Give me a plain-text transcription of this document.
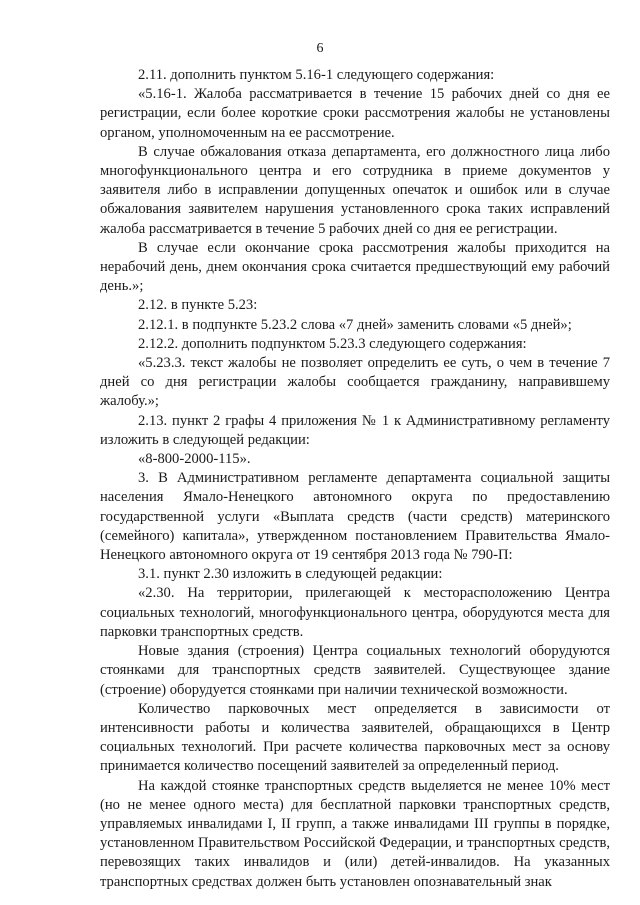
6

2.11. дополнить пунктом 5.16-1 следующего содержания:

«5.16-1. Жалоба рассматривается в течение 15 рабочих дней со дня ее регистрации, если более короткие сроки рассмотрения жалобы не установлены органом, уполномоченным на ее рассмотрение.

В случае обжалования отказа департамента, его должностного лица либо многофункционального центра и его сотрудника в приеме документов у заявителя либо в исправлении допущенных опечаток и ошибок или в случае обжалования заявителем нарушения установленного срока таких исправлений жалоба рассматривается в течение 5 рабочих дней со дня ее регистрации.

В случае если окончание срока рассмотрения жалобы приходится на нерабочий день, днем окончания срока считается предшествующий ему рабочий день.»;

2.12. в пункте 5.23:

2.12.1. в подпункте 5.23.2 слова «7 дней» заменить словами «5 дней»;

2.12.2. дополнить подпунктом 5.23.3 следующего содержания:

«5.23.3. текст жалобы не позволяет определить ее суть, о чем в течение 7 дней со дня регистрации жалобы сообщается гражданину, направившему жалобу.»;

2.13. пункт 2 графы 4 приложения № 1 к Административному регламенту изложить в следующей редакции:

«8-800-2000-115».

3. В Административном регламенте департамента социальной защиты населения Ямало-Ненецкого автономного округа по предоставлению государственной услуги «Выплата средств (части средств) материнского (семейного) капитала», утвержденном постановлением Правительства Ямало-Ненецкого автономного округа от 19 сентября 2013 года № 790-П:

3.1. пункт 2.30 изложить в следующей редакции:

«2.30. На территории, прилегающей к месторасположению Центра социальных технологий, многофункционального центра, оборудуются места для парковки транспортных средств.

Новые здания (строения) Центра социальных технологий оборудуются стоянками для транспортных средств заявителей. Существующее здание (строение) оборудуется стоянками при наличии технической возможности.

Количество парковочных мест определяется в зависимости от интенсивности работы и количества заявителей, обращающихся в Центр социальных технологий. При расчете количества парковочных мест за основу принимается количество посещений заявителей за определенный период.

На каждой стоянке транспортных средств выделяется не менее 10% мест (но не менее одного места) для бесплатной парковки транспортных средств, управляемых инвалидами I, II групп, а также инвалидами III группы в порядке, установленном Правительством Российской Федерации, и транспортных средств, перевозящих таких инвалидов и (или) детей-инвалидов. На указанных транспортных средствах должен быть установлен опознавательный знак
